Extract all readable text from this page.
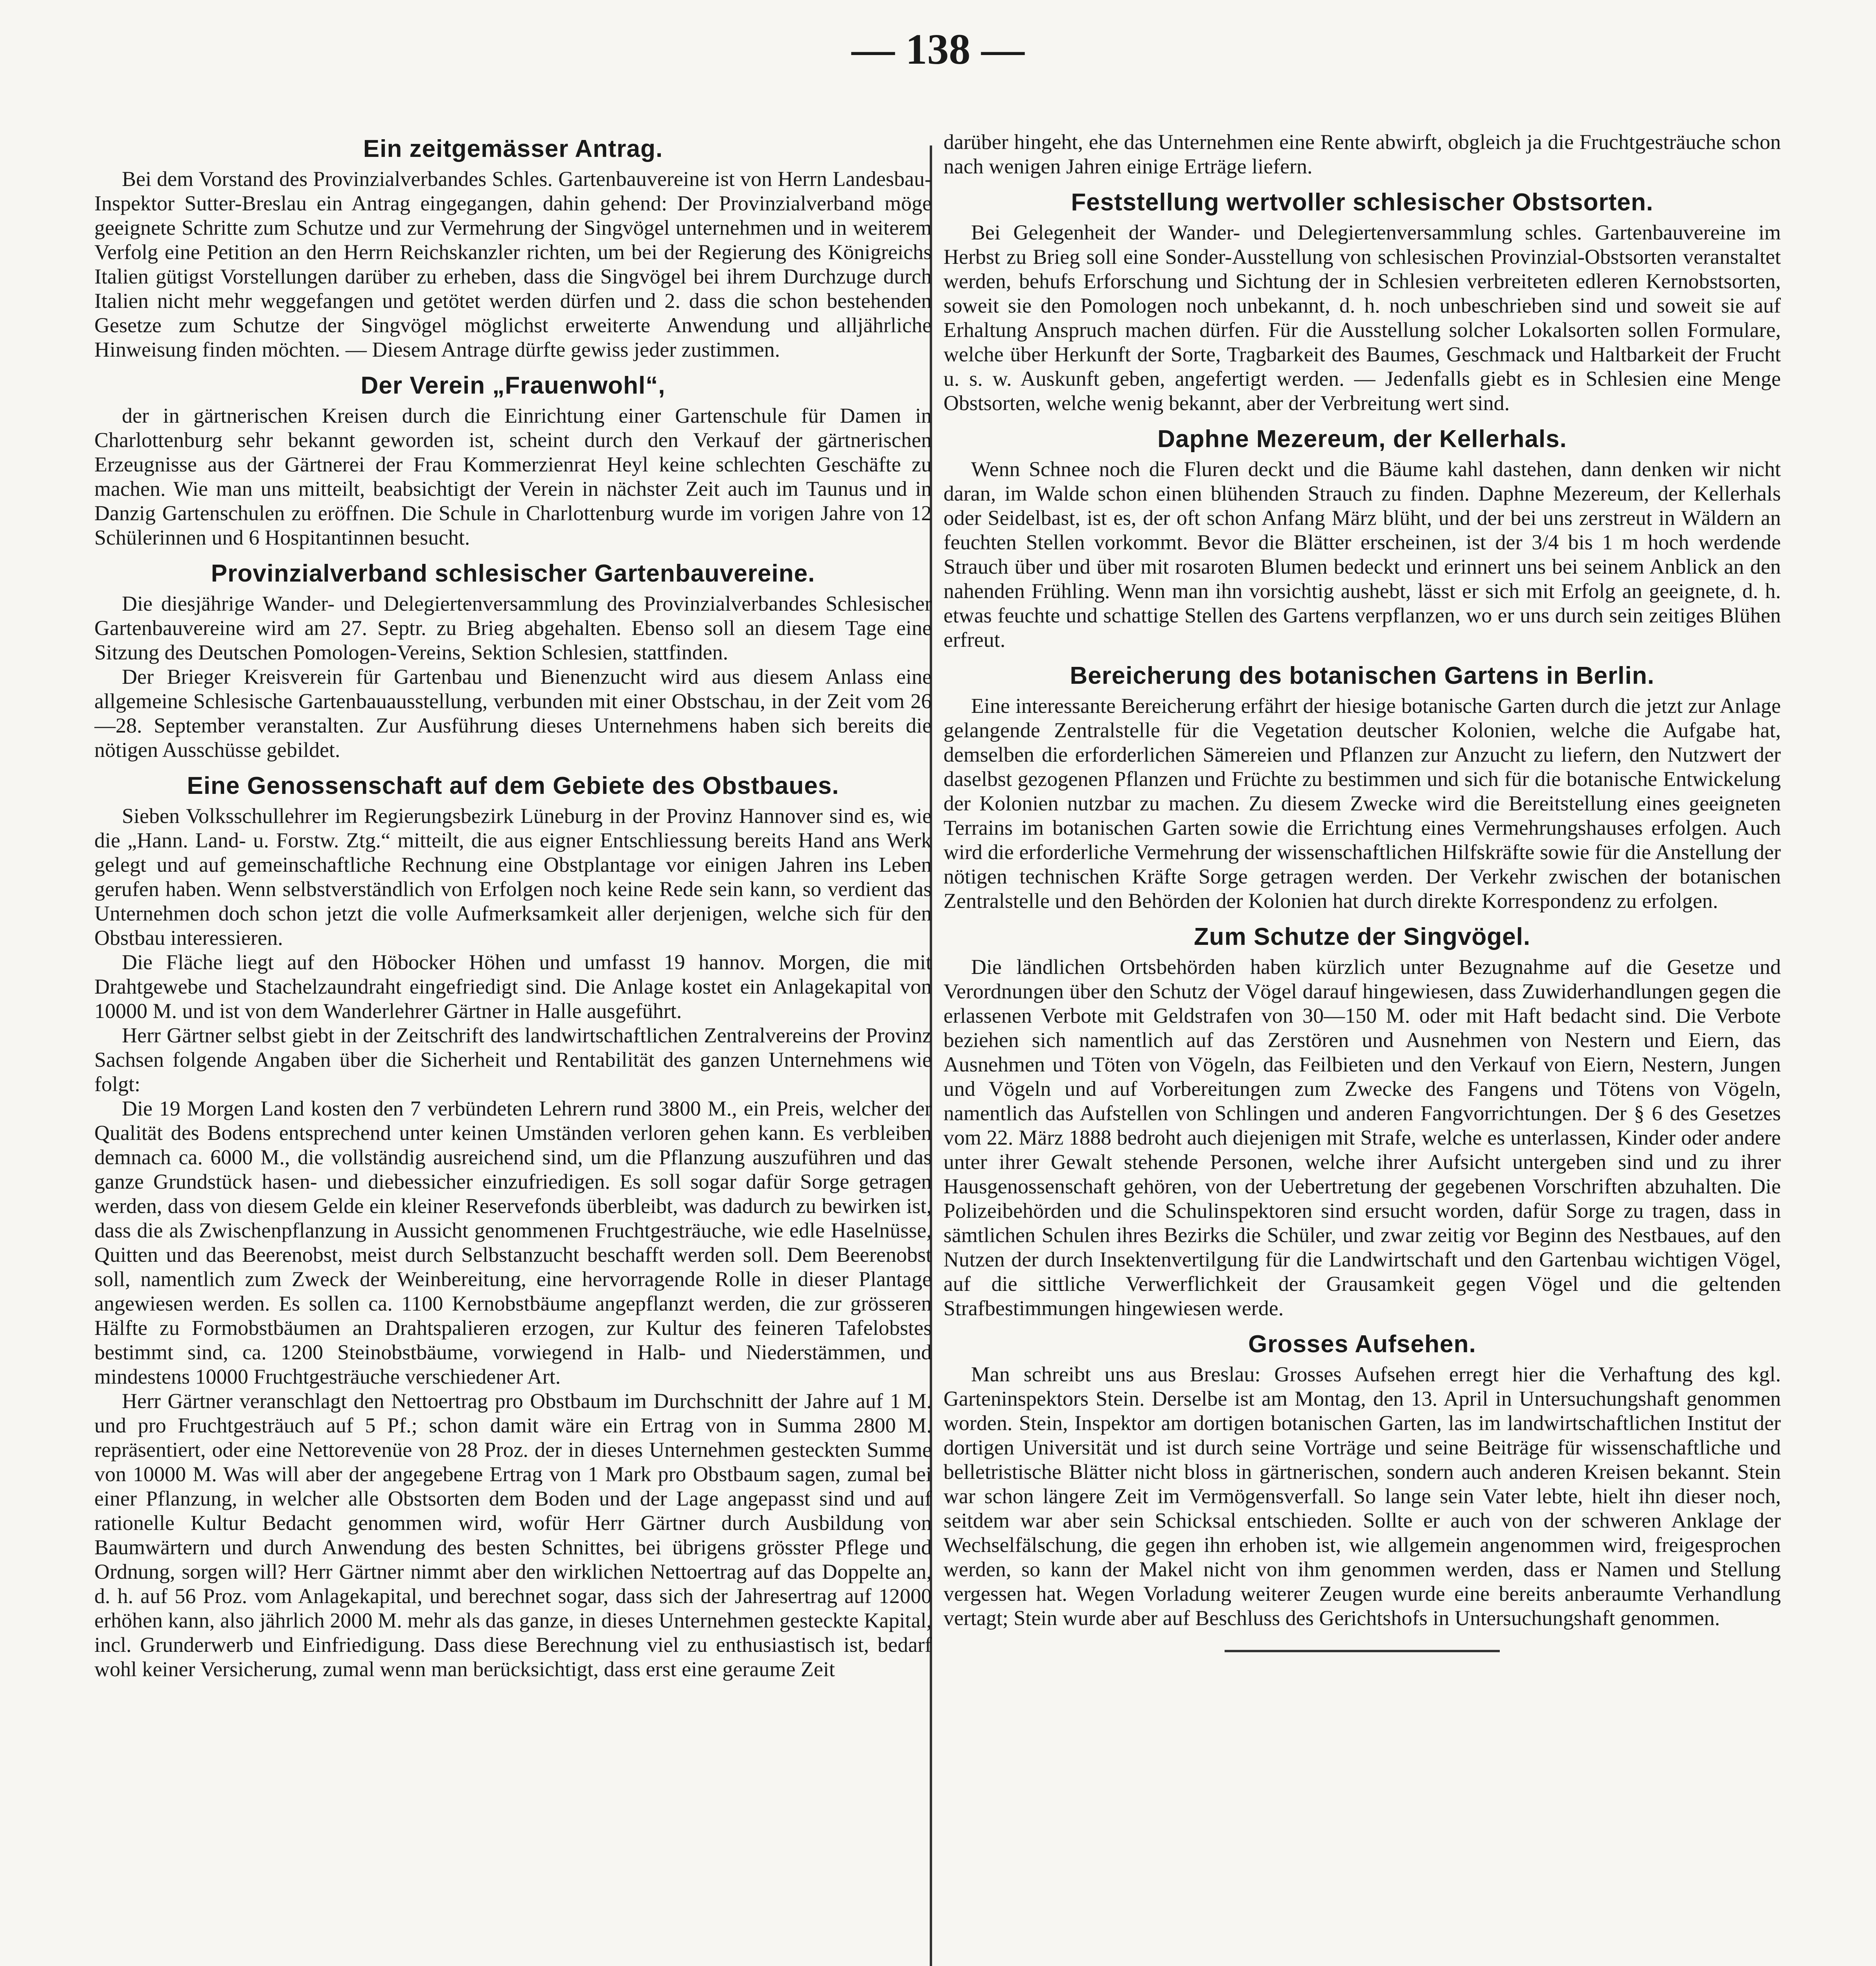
— 138 —
Ein zeitgemässer Antrag.

Bei dem Vorstand des Provinzialverbandes Schles. Gartenbauvereine ist von Herrn Landesbau-Inspektor Sutter-Breslau ein Antrag eingegangen, dahin gehend: Der Provinzialverband möge geeignete Schritte zum Schutze und zur Vermehrung der Singvögel unternehmen und in weiterem Verfolg eine Petition an den Herrn Reichskanzler richten, um bei der Regierung des Königreichs Italien gütigst Vorstellungen darüber zu erheben, dass die Singvögel bei ihrem Durchzuge durch Italien nicht mehr weggefangen und getötet werden dürfen und 2. dass die schon bestehenden Gesetze zum Schutze der Singvögel möglichst erweiterte Anwendung und alljährliche Hinweisung finden möchten. — Diesem Antrage dürfte gewiss jeder zustimmen.

Der Verein „Frauenwohl“,

der in gärtnerischen Kreisen durch die Einrichtung einer Gartenschule für Damen in Charlottenburg sehr bekannt geworden ist, scheint durch den Verkauf der gärtnerischen Erzeugnisse aus der Gärtnerei der Frau Kommerzienrat Heyl keine schlechten Geschäfte zu machen. Wie man uns mitteilt, beabsichtigt der Verein in nächster Zeit auch im Taunus und in Danzig Gartenschulen zu eröffnen. Die Schule in Charlottenburg wurde im vorigen Jahre von 12 Schülerinnen und 6 Hospitantinnen besucht.

Provinzialverband schlesischer Gartenbauvereine.

Die diesjährige Wander- und Delegiertenversammlung des Provinzialverbandes Schlesischer Gartenbauvereine wird am 27. Septr. zu Brieg abgehalten. Ebenso soll an diesem Tage eine Sitzung des Deutschen Pomologen-Vereins, Sektion Schlesien, stattfinden.

Der Brieger Kreisverein für Gartenbau und Bienenzucht wird aus diesem Anlass eine allgemeine Schlesische Gartenbauausstellung, verbunden mit einer Obstschau, in der Zeit vom 26—28. September veranstalten. Zur Ausführung dieses Unternehmens haben sich bereits die nötigen Ausschüsse gebildet.

Eine Genossenschaft auf dem Gebiete des Obstbaues.

Sieben Volksschullehrer im Regierungsbezirk Lüneburg in der Provinz Hannover sind es, wie die „Hann. Land- u. Forstw. Ztg.“ mitteilt, die aus eigner Entschliessung bereits Hand ans Werk gelegt und auf gemeinschaftliche Rechnung eine Obstplantage vor einigen Jahren ins Leben gerufen haben. Wenn selbstverständlich von Erfolgen noch keine Rede sein kann, so verdient das Unternehmen doch schon jetzt die volle Aufmerksamkeit aller derjenigen, welche sich für den Obstbau interessieren.

Die Fläche liegt auf den Höbocker Höhen und umfasst 19 hannov. Morgen, die mit Drahtgewebe und Stachelzaundraht eingefriedigt sind. Die Anlage kostet ein Anlagekapital von 10000 M. und ist von dem Wanderlehrer Gärtner in Halle ausgeführt.

Herr Gärtner selbst giebt in der Zeitschrift des landwirtschaftlichen Zentralvereins der Provinz Sachsen folgende Angaben über die Sicherheit und Rentabilität des ganzen Unternehmens wie folgt:

Die 19 Morgen Land kosten den 7 verbündeten Lehrern rund 3800 M., ein Preis, welcher der Qualität des Bodens entsprechend unter keinen Umständen verloren gehen kann. Es verbleiben demnach ca. 6000 M., die vollständig ausreichend sind, um die Pflanzung auszuführen und das ganze Grundstück hasen- und diebessicher einzufriedigen. Es soll sogar dafür Sorge getragen werden, dass von diesem Gelde ein kleiner Reservefonds überbleibt, was dadurch zu bewirken ist, dass die als Zwischenpflanzung in Aussicht genommenen Fruchtgesträuche, wie edle Haselnüsse, Quitten und das Beerenobst, meist durch Selbstanzucht beschafft werden soll. Dem Beerenobst soll, namentlich zum Zweck der Weinbereitung, eine hervorragende Rolle in dieser Plantage angewiesen werden. Es sollen ca. 1100 Kernobstbäume angepflanzt werden, die zur grösseren Hälfte zu Formobstbäumen an Drahtspalieren erzogen, zur Kultur des feineren Tafelobstes bestimmt sind, ca. 1200 Steinobstbäume, vorwiegend in Halb- und Niederstämmen, und mindestens 10000 Fruchtgesträuche verschiedener Art.

Herr Gärtner veranschlagt den Nettoertrag pro Obstbaum im Durchschnitt der Jahre auf 1 M. und pro Fruchtgesträuch auf 5 Pf.; schon damit wäre ein Ertrag von in Summa 2800 M. repräsentiert, oder eine Nettorevenüe von 28 Proz. der in dieses Unternehmen gesteckten Summe von 10000 M. Was will aber der angegebene Ertrag von 1 Mark pro Obstbaum sagen, zumal bei einer Pflanzung, in welcher alle Obstsorten dem Boden und der Lage angepasst sind und auf rationelle Kultur Bedacht genommen wird, wofür Herr Gärtner durch Ausbildung von Baumwärtern und durch Anwendung des besten Schnittes, bei übrigens grösster Pflege und Ordnung, sorgen will? Herr Gärtner nimmt aber den wirklichen Nettoertrag auf das Doppelte an, d. h. auf 56 Proz. vom Anlagekapital, und berechnet sogar, dass sich der Jahresertrag auf 12000 erhöhen kann, also jährlich 2000 M. mehr als das ganze, in dieses Unternehmen gesteckte Kapital, incl. Grunderwerb und Einfriedigung. Dass diese Berechnung viel zu enthusiastisch ist, bedarf wohl keiner Versicherung, zumal wenn man berücksichtigt, dass erst eine geraume Zeit

darüber hingeht, ehe das Unternehmen eine Rente abwirft, obgleich ja die Fruchtgesträuche schon nach wenigen Jahren einige Erträge liefern.

Feststellung wertvoller schlesischer Obstsorten.

Bei Gelegenheit der Wander- und Delegiertenversammlung schles. Gartenbauvereine im Herbst zu Brieg soll eine Sonder-Ausstellung von schlesischen Provinzial-Obstsorten veranstaltet werden, behufs Erforschung und Sichtung der in Schlesien verbreiteten edleren Kernobstsorten, soweit sie den Pomologen noch unbekannt, d. h. noch unbeschrieben sind und soweit sie auf Erhaltung Anspruch machen dürfen. Für die Ausstellung solcher Lokalsorten sollen Formulare, welche über Herkunft der Sorte, Tragbarkeit des Baumes, Geschmack und Haltbarkeit der Frucht u. s. w. Auskunft geben, angefertigt werden. — Jedenfalls giebt es in Schlesien eine Menge Obstsorten, welche wenig bekannt, aber der Verbreitung wert sind.

Daphne Mezereum, der Kellerhals.

Wenn Schnee noch die Fluren deckt und die Bäume kahl dastehen, dann denken wir nicht daran, im Walde schon einen blühenden Strauch zu finden. Daphne Mezereum, der Kellerhals oder Seidelbast, ist es, der oft schon Anfang März blüht, und der bei uns zerstreut in Wäldern an feuchten Stellen vorkommt. Bevor die Blätter erscheinen, ist der 3/4 bis 1 m hoch werdende Strauch über und über mit rosaroten Blumen bedeckt und erinnert uns bei seinem Anblick an den nahenden Frühling. Wenn man ihn vorsichtig aushebt, lässt er sich mit Erfolg an geeignete, d. h. etwas feuchte und schattige Stellen des Gartens verpflanzen, wo er uns durch sein zeitiges Blühen erfreut.

Bereicherung des botanischen Gartens in Berlin.

Eine interessante Bereicherung erfährt der hiesige botanische Garten durch die jetzt zur Anlage gelangende Zentralstelle für die Vegetation deutscher Kolonien, welche die Aufgabe hat, demselben die erforderlichen Sämereien und Pflanzen zur Anzucht zu liefern, den Nutzwert der daselbst gezogenen Pflanzen und Früchte zu bestimmen und sich für die botanische Entwickelung der Kolonien nutzbar zu machen. Zu diesem Zwecke wird die Bereitstellung eines geeigneten Terrains im botanischen Garten sowie die Errichtung eines Vermehrungshauses erfolgen. Auch wird die erforderliche Vermehrung der wissenschaftlichen Hilfskräfte sowie für die Anstellung der nötigen technischen Kräfte Sorge getragen werden. Der Verkehr zwischen der botanischen Zentralstelle und den Behörden der Kolonien hat durch direkte Korrespondenz zu erfolgen.

Zum Schutze der Singvögel.

Die ländlichen Ortsbehörden haben kürzlich unter Bezugnahme auf die Gesetze und Verordnungen über den Schutz der Vögel darauf hingewiesen, dass Zuwiderhandlungen gegen die erlassenen Verbote mit Geldstrafen von 30—150 M. oder mit Haft bedacht sind. Die Verbote beziehen sich namentlich auf das Zerstören und Ausnehmen von Nestern und Eiern, das Ausnehmen und Töten von Vögeln, das Feilbieten und den Verkauf von Eiern, Nestern, Jungen und Vögeln und auf Vorbereitungen zum Zwecke des Fangens und Tötens von Vögeln, namentlich das Aufstellen von Schlingen und anderen Fangvorrichtungen. Der § 6 des Gesetzes vom 22. März 1888 bedroht auch diejenigen mit Strafe, welche es unterlassen, Kinder oder andere unter ihrer Gewalt stehende Personen, welche ihrer Aufsicht untergeben sind und zu ihrer Hausgenossenschaft gehören, von der Uebertretung der gegebenen Vorschriften abzuhalten. Die Polizeibehörden und die Schulinspektoren sind ersucht worden, dafür Sorge zu tragen, dass in sämtlichen Schulen ihres Bezirks die Schüler, und zwar zeitig vor Beginn des Nestbaues, auf den Nutzen der durch Insektenvertilgung für die Landwirtschaft und den Gartenbau wichtigen Vögel, auf die sittliche Verwerflichkeit der Grausamkeit gegen Vögel und die geltenden Strafbestimmungen hingewiesen werde.

Grosses Aufsehen.

Man schreibt uns aus Breslau: Grosses Aufsehen erregt hier die Verhaftung des kgl. Garteninspektors Stein. Derselbe ist am Montag, den 13. April in Untersuchungshaft genommen worden. Stein, Inspektor am dortigen botanischen Garten, las im landwirtschaftlichen Institut der dortigen Universität und ist durch seine Vorträge und seine Beiträge für wissenschaftliche und belletristische Blätter nicht bloss in gärtnerischen, sondern auch anderen Kreisen bekannt. Stein war schon längere Zeit im Vermögensverfall. So lange sein Vater lebte, hielt ihn dieser noch, seitdem war aber sein Schicksal entschieden. Sollte er auch von der schweren Anklage der Wechselfälschung, die gegen ihn erhoben ist, wie allgemein angenommen wird, freigesprochen werden, so kann der Makel nicht von ihm genommen werden, dass er Namen und Stellung vergessen hat. Wegen Vorladung weiterer Zeugen wurde eine bereits anberaumte Verhandlung vertagt; Stein wurde aber auf Beschluss des Gerichtshofs in Untersuchungshaft genommen.
